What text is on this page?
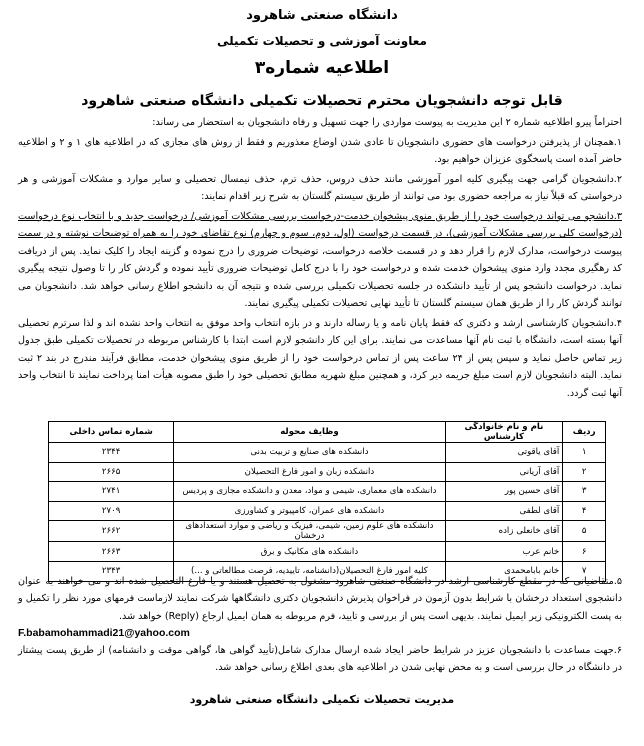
دانشگاه صنعتی شاهرود
معاونت آموزشی و تحصیلات تکمیلی
اطلاعیه شماره۳
قابل توجه دانشجویان محترم تحصیلات تکمیلی دانشگاه صنعتی شاهرود

احتراماً پیرو اطلاعیه شماره ۲ این مدیریت به پیوست مواردی را جهت تسهیل و رفاه دانشجویان به استحضار می رساند:

۱.همچنان از پذیرفتن درخواست های حضوری دانشجویان تا عادی شدن اوضاع معذوریم و فقط از روش های مجازی که در اطلاعیه های ۱ و ۲ و اطلاعیه حاضر آمده است پاسخگوی عزیزان خواهیم بود.

۲.دانشجویان گرامی جهت پیگیری کلیه امور آموزشی مانند حذف دروس، حذف ترم، حذف نیمسال تحصیلی و سایر موارد و مشکلات آموزشی و هر درخواستی که قبلاً نیاز به مراجعه حضوری بود می توانند از طریق سیستم گلستان به شرح زیر اقدام نمایند:

۳.دانشجو می تواند درخواست خود را از طریق منوی پیشخوان خدمت-درخواست بررسی مشکلات آموزشی/ درخواست جدید و با انتخاب نوع درخواست (درخواست کلی بررسی مشکلات آموزشی)، در قسمت درخواست (اول، دوم، سوم و چهارم) نوع تقاضای خود را به همراه توضیحات نوشته و در سمت پیوست درخواست، مدارک لازم را قرار دهد و در قسمت خلاصه درخواست، توضیحات ضروری را درج نموده و گزینه ایجاد را کلیک نماید. پس از دریافت کد رهگیری مجدد وارد منوی پیشخوان خدمت شده و درخواست خود را با درج کامل توضیحات ضروری تأیید نموده و گردش کار را تا وصول نتیجه پیگیری نماید. درخواست دانشجو پس از تأیید دانشکده در جلسه تحصیلات تکمیلی بررسی شده و نتیجه آن به دانشجو اطلاع رسانی خواهد شد. دانشجویان می توانند گردش کار را از طریق همان سیستم گلستان تا تأیید نهایی تحصیلات تکمیلی پیگیری نمایند.

۴.دانشجویان کارشناسی ارشد و دکتری که فقط پایان نامه و یا رساله دارند و در بازه انتخاب واحد موفق به انتخاب واحد نشده اند و لذا سرترم تحصیلی آنها بسته است، دانشگاه با ثبت نام آنها مساعدت می نمایند. برای این کار دانشجو لازم است ابتدا با کارشناس مربوطه در تحصیلات تکمیلی طبق جدول زیر تماس حاصل نماید و سپس پس از ۲۴ ساعت پس از تماس درخواست خود را از طریق منوی پیشخوان خدمت، مطابق فرآیند مندرج در بند ۲ ثبت نماید. البته دانشجویان لازم است مبلغ جریمه دیر کرد، و همچنین مبلغ شهریه مطابق تحصیلی خود را طبق مصوبه هیأت امنا پرداخت نمایند تا انتخاب واحد آنها ثبت گردد.

ردیف	نام و نام خانوادگی کارشناس	وظایف محوله	شماره تماس داخلی
۱	آقای یاقوتی	دانشکده های صنایع و تربیت بدنی	۲۳۴۴
۲	آقای آریانی	دانشکده زبان و امور فارغ التحصیلان	۲۶۶۵
۳	آقای حسین پور	دانشکده های معماری، شیمی و مواد، معدن و دانشکده مجازی و پردیس	۲۷۴۱
۴	آقای لطفی	دانشکده های عمران، کامپیوتر و کشاورزی	۲۷۰۹
۵	آقای خانعلی زاده	دانشکده های علوم زمین، شیمی، فیزیک و ریاضی و موارد استعدادهای درخشان	۲۶۶۲
۶	خانم عرب	دانشکده های مکانیک و برق	۲۶۶۳
۷	خانم بابامحمدی	کلیه امور فارغ التحصیلان(دانشنامه، تاییدیه، فرصت مطالعاتی و ...)	۲۳۴۳

۵.متقاضیانی که در مقطع کارشناسی ارشد در دانشگاه صنعتی شاهرود مشغول به تحصیل هستند و یا فارغ التحصیل شده اند و می خواهند به عنوان دانشجوی استعداد درخشان با شرایط بدون آزمون در فراخوان پذیرش دانشجویان دکتری دانشگاهها شرکت نمایند لازماست فرمهای مورد نظر را تکمیل و به پست الکترونیکی زیر ایمیل نمایند. بدیهی است پس از بررسی و تایید، فرم مربوطه به همان ایمیل ارجاع (Reply) خواهد شد.

F.babamohammadi21@yahoo.com

۶.جهت مساعدت با دانشجویان عزیز در شرایط حاضر ایجاد شده ارسال مدارک شامل(تأیید گواهی ها، گواهی موقت و دانشنامه) از طریق پست پیشتاز در دانشگاه در حال بررسی است و به محض نهایی شدن در اطلاعیه های بعدی اطلاع رسانی خواهد شد.

مدیریت تحصیلات تکمیلی دانشگاه صنعتی شاهرود
